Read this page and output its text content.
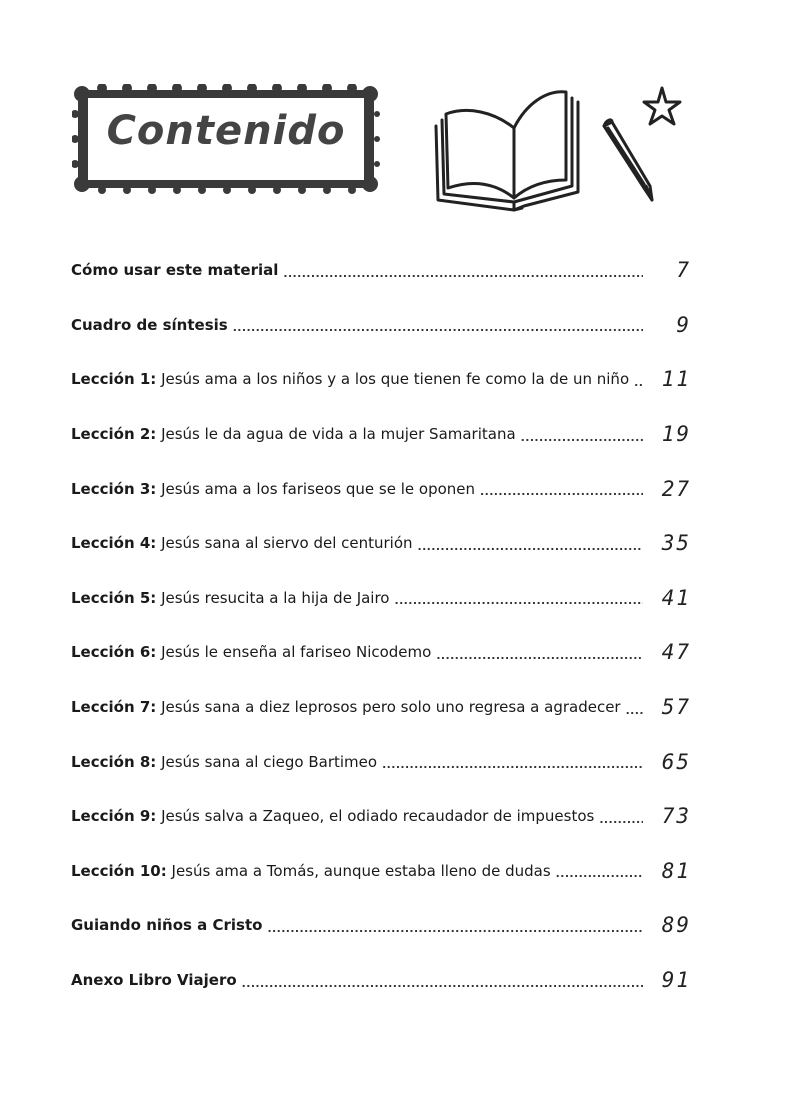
Contenido
Cómo usar este material .....	7
Cuadro de síntesis .....	9
Lección 1: Jesús ama a los niños y a los que tienen fe como la de un niño .....	11
Lección 2: Jesús le da agua de vida a la mujer Samaritana .....	19
Lección 3: Jesús ama a los fariseos que se le oponen .....	27
Lección 4: Jesús sana al siervo del centurión .....	35
Lección 5: Jesús resucita a la hija de Jairo .....	41
Lección 6: Jesús le enseña al fariseo Nicodemo .....	47
Lección 7: Jesús sana a diez leprosos pero solo uno regresa a agradecer .....	57
Lección 8: Jesús sana al ciego Bartimeo .....	65
Lección 9: Jesús salva a Zaqueo, el odiado recaudador de impuestos .....	73
Lección 10: Jesús ama a Tomás, aunque estaba lleno de dudas .....	81
Guiando niños a Cristo .....	89
Anexo Libro Viajero .....	91
